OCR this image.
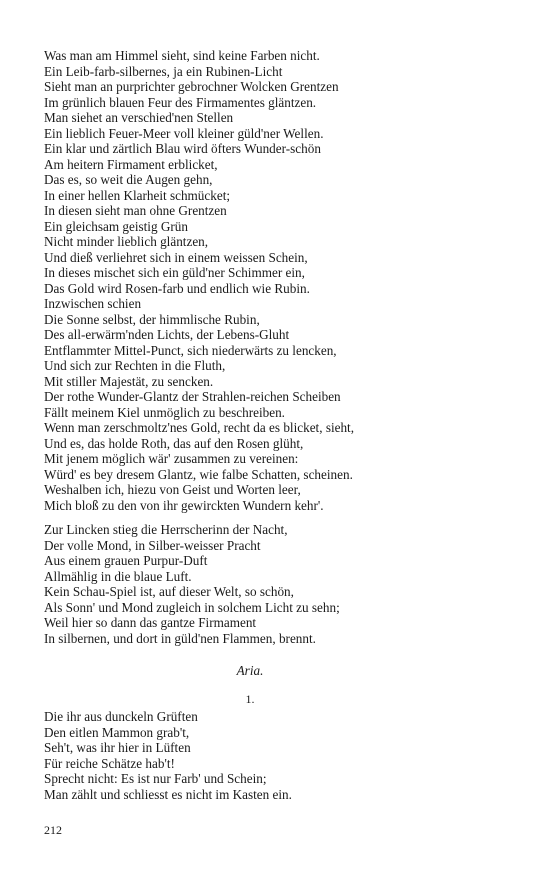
Was man am Himmel sieht, sind keine Farben nicht.
Ein Leib-farb-silbernes, ja ein Rubinen-Licht
Sieht man an purprichter gebrochner Wolcken Grentzen
Im grünlich blauen Feur des Firmamentes gläntzen.
Man siehet an verschied'nen Stellen
Ein lieblich Feuer-Meer voll kleiner güld'ner Wellen.
Ein klar und zärtlich Blau wird öfters Wunder-schön
Am heitern Firmament erblicket,
Das es, so weit die Augen gehn,
In einer hellen Klarheit schmücket;
In diesen sieht man ohne Grentzen
Ein gleichsam geistig Grün
Nicht minder lieblich gläntzen,
Und dieß verliehret sich in einem weissen Schein,
In dieses mischet sich ein güld'ner Schimmer ein,
Das Gold wird Rosen-farb und endlich wie Rubin.
Inzwischen schien
Die Sonne selbst, der himmlische Rubin,
Des all-erwärm'nden Lichts, der Lebens-Gluht
Entflammter Mittel-Punct, sich niederwärts zu lencken,
Und sich zur Rechten in die Fluth,
Mit stiller Majestät, zu sencken.
Der rothe Wunder-Glantz der Strahlen-reichen Scheiben
Fällt meinem Kiel unmöglich zu beschreiben.
Wenn man zerschmoltz'nes Gold, recht da es blicket, sieht,
Und es, das holde Roth, das auf den Rosen glüht,
Mit jenem möglich wär' zusammen zu vereinen:
Würd' es bey dresem Glantz, wie falbe Schatten, scheinen.
Weshalben ich, hiezu von Geist und Worten leer,
Mich bloß zu den von ihr gewirckten Wundern kehr'.
Zur Lincken stieg die Herrscherinn der Nacht,
Der volle Mond, in Silber-weisser Pracht
Aus einem grauen Purpur-Duft
Allmählig in die blaue Luft.
Kein Schau-Spiel ist, auf dieser Welt, so schön,
Als Sonn' und Mond zugleich in solchem Licht zu sehn;
Weil hier so dann das gantze Firmament
In silbernen, und dort in güld'nen Flammen, brennt.
Aria.
1.
Die ihr aus dunckeln Grüften
Den eitlen Mammon grab't,
Seh't, was ihr hier in Lüften
Für reiche Schätze hab't!
Sprecht nicht: Es ist nur Farb' und Schein;
Man zählt und schliesst es nicht im Kasten ein.
212
